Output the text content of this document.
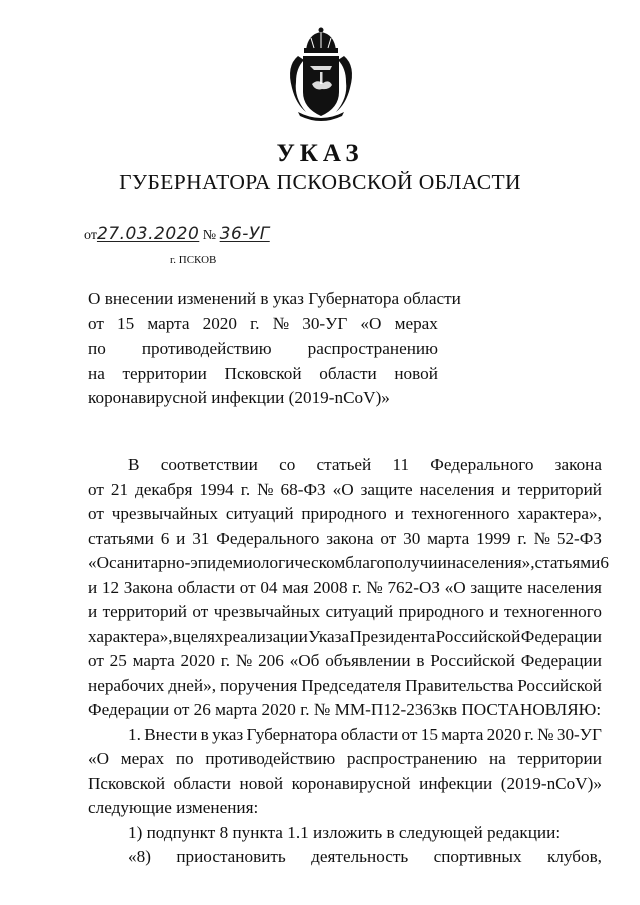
УКАЗ
ГУБЕРНАТОРА ПСКОВСКОЙ ОБЛАСТИ
от27.03.2020 № 36-УГ
г. ПСКОВ
О внесении изменений в указ Губернатора области
от 15 марта 2020 г. № 30-УГ «О мерах
по противодействию распространению
на территории Псковской области новой
коронавирусной инфекции (2019-nCoV)»
В соответствии со статьей 11 Федерального закона
от 21 декабря 1994 г. № 68-ФЗ «О защите населения и территорий
от чрезвычайных ситуаций природного и техногенного характера»,
статьями 6 и 31 Федерального закона от 30 марта 1999 г. № 52-ФЗ
«О санитарно-эпидемиологическом благополучии населения», статьями 6
и 12 Закона области от 04 мая 2008 г. № 762-ОЗ «О защите населения
и территорий от чрезвычайных ситуаций природного и техногенного
характера», в целях реализации Указа Президента Российской Федерации
от 25 марта 2020 г. № 206 «Об объявлении в Российской Федерации
нерабочих дней», поручения Председателя Правительства Российской
Федерации от 26 марта 2020 г. № ММ-П12-2363кв ПОСТАНОВЛЯЮ:
1. Внести в указ Губернатора области от 15 марта 2020 г. № 30-УГ
«О мерах по противодействию распространению на территории
Псковской области новой коронавирусной инфекции (2019-nCoV)»
следующие изменения:
1) подпункт 8 пункта 1.1 изложить в следующей редакции:
«8) приостановить деятельность спортивных клубов,
